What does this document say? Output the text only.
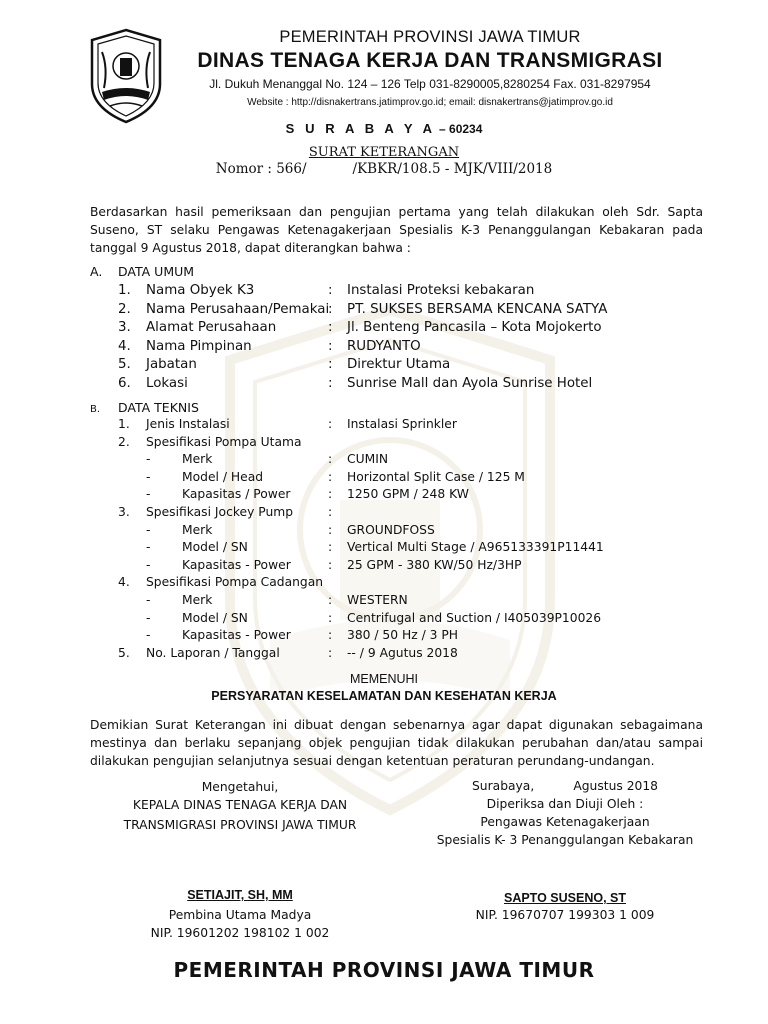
PEMERINTAH PROVINSI JAWA TIMUR
DINAS TENAGA KERJA DAN TRANSMIGRASI
Jl. Dukuh Menanggal No. 124 – 126 Telp 031-8290005,8280254 Fax. 031-8297954
Website : http://disnakertrans.jatimprov.go.id; email: disnakertrans@jatimprov.go.id
S U R A B A Y A – 60234
SURAT KETERANGAN
Nomor : 566/	/KBKR/108.5 - MJK/VIII/2018
Berdasarkan hasil pemeriksaan dan pengujian pertama yang telah dilakukan oleh Sdr. Sapta Suseno, ST selaku Pengawas Ketenagakerjaan Spesialis K-3 Penanggulangan Kebakaran pada tanggal 9 Agustus 2018, dapat diterangkan bahwa :
A. DATA UMUM
1. Nama Obyek K3	: Instalasi Proteksi kebakaran
2. Nama Perusahaan/Pemakai
: PT. SUKSES BERSAMA KENCANA SATYA
3. Alamat Perusahaan	: Jl. Benteng Pancasila – Kota Mojokerto
4. Nama Pimpinan	: RUDYANTO
5. Jabatan	: Direktur Utama
6. Lokasi	: Sunrise Mall dan Ayola Sunrise Hotel
B. DATA TEKNIS
1. Jenis Instalasi	: Instalasi Sprinkler
2. Spesifikasi Pompa Utama
-	Merk	: CUMIN
-	Model / Head	: Horizontal Split Case / 125 M
-	Kapasitas / Power	: 1250 GPM / 248 KW
3. Spesifikasi Jockey Pump	:
-	Merk	: GROUNDFOSS
-	Model / SN	: Vertical Multi Stage / A965133391P11441
-	Kapasitas - Power	: 25 GPM - 380 KW/50 Hz/3HP
4. Spesifikasi Pompa Cadangan
-	Merk	: WESTERN
-	Model / SN	: Centrifugal and Suction / I405039P10026
-	Kapasitas - Power	: 380 / 50 Hz / 3 PH
5. No. Laporan / Tanggal	: -- / 9 Agutus 2018
MEMENUHI
PERSYARATAN KESELAMATAN DAN KESEHATAN KERJA
Demikian Surat Keterangan ini dibuat dengan sebenarnya agar dapat digunakan sebagaimana mestinya dan berlaku sepanjang objek pengujian tidak dilakukan perubahan dan/atau sampai dilakukan pengujian selanjutnya sesuai dengan ketentuan peraturan perundang-undangan.
Mengetahui,
KEPALA DINAS TENAGA KERJA DAN
TRANSMIGRASI PROVINSI JAWA TIMUR
SETIAJIT, SH, MM
Pembina Utama Madya
NIP. 19601202 198102 1 002
Surabaya,          Agustus 2018
Diperiksa dan Diuji Oleh :
Pengawas Ketenagakerjaan
Spesialis K- 3 Penanggulangan Kebakaran
SAPTO SUSENO, ST
NIP. 19670707 199303 1 009
PEMERINTAH PROVINSI JAWA TIMUR
